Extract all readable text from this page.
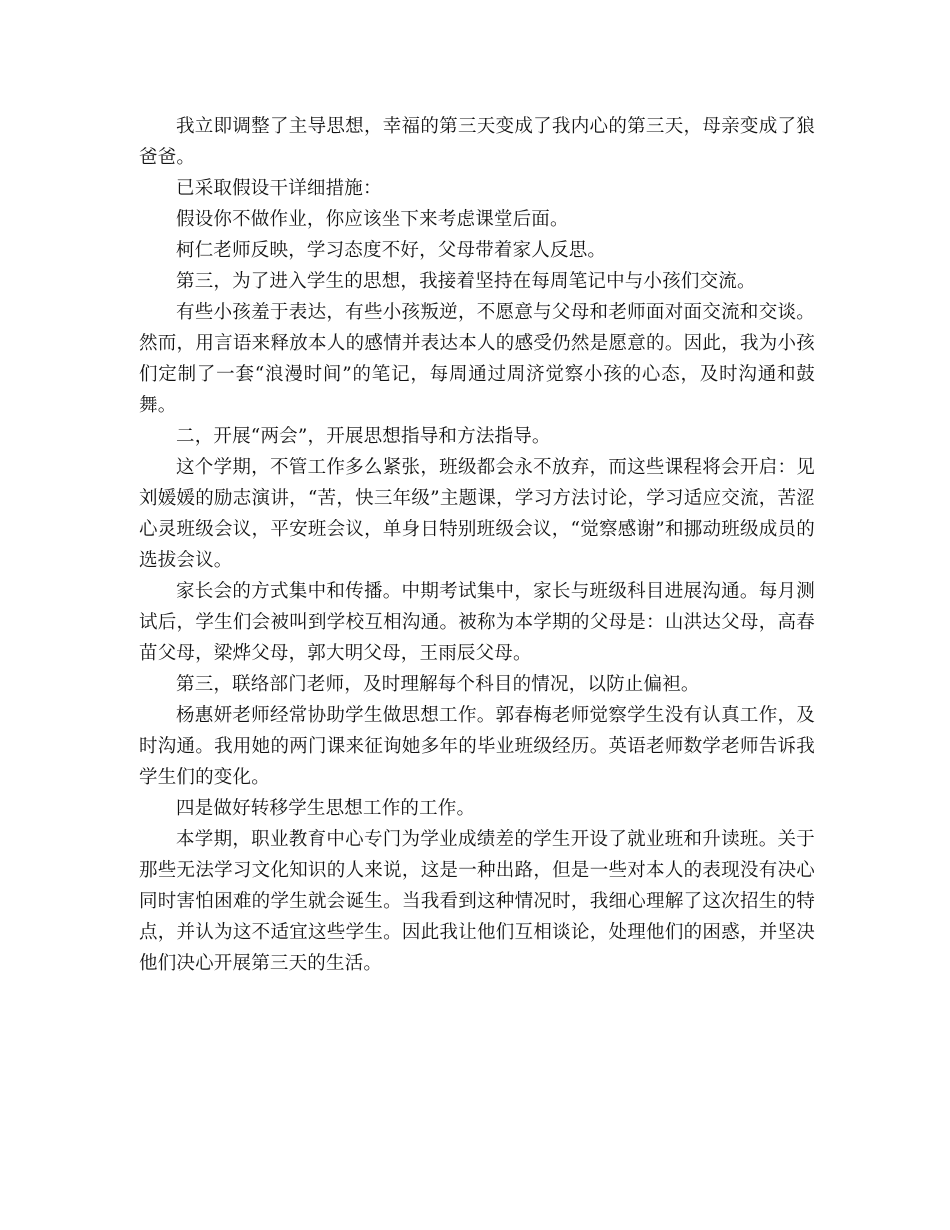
我立即调整了主导思想，幸福的第三天变成了我内心的第三天，母亲变成了狼爸爸。

已采取假设干详细措施：

假设你不做作业，你应该坐下来考虑课堂后面。

柯仁老师反映，学习态度不好，父母带着家人反思。

第三，为了进入学生的思想，我接着坚持在每周笔记中与小孩们交流。

有些小孩羞于表达，有些小孩叛逆，不愿意与父母和老师面对面交流和交谈。然而，用言语来释放本人的感情并表达本人的感受仍然是愿意的。因此，我为小孩们定制了一套“浪漫时间”的笔记，每周通过周济觉察小孩的心态，及时沟通和鼓舞。

二，开展“两会”，开展思想指导和方法指导。

这个学期，不管工作多么紧张，班级都会永不放弃，而这些课程将会开启：见刘媛媛的励志演讲，“苦，快三年级”主题课，学习方法讨论，学习适应交流，苦涩心灵班级会议，平安班会议，单身日特别班级会议，“觉察感谢”和挪动班级成员的选拔会议。

家长会的方式集中和传播。中期考试集中，家长与班级科目进展沟通。每月测试后，学生们会被叫到学校互相沟通。被称为本学期的父母是：山洪达父母，高春苗父母，梁烨父母，郭大明父母，王雨辰父母。

第三，联络部门老师，及时理解每个科目的情况，以防止偏袒。

杨惠妍老师经常协助学生做思想工作。郭春梅老师觉察学生没有认真工作，及时沟通。我用她的两门课来征询她多年的毕业班级经历。英语老师数学老师告诉我学生们的变化。

四是做好转移学生思想工作的工作。

本学期，职业教育中心专门为学业成绩差的学生开设了就业班和升读班。关于那些无法学习文化知识的人来说，这是一种出路，但是一些对本人的表现没有决心同时害怕困难的学生就会诞生。当我看到这种情况时，我细心理解了这次招生的特点，并认为这不适宜这些学生。因此我让他们互相谈论，处理他们的困惑，并坚决他们决心开展第三天的生活。
